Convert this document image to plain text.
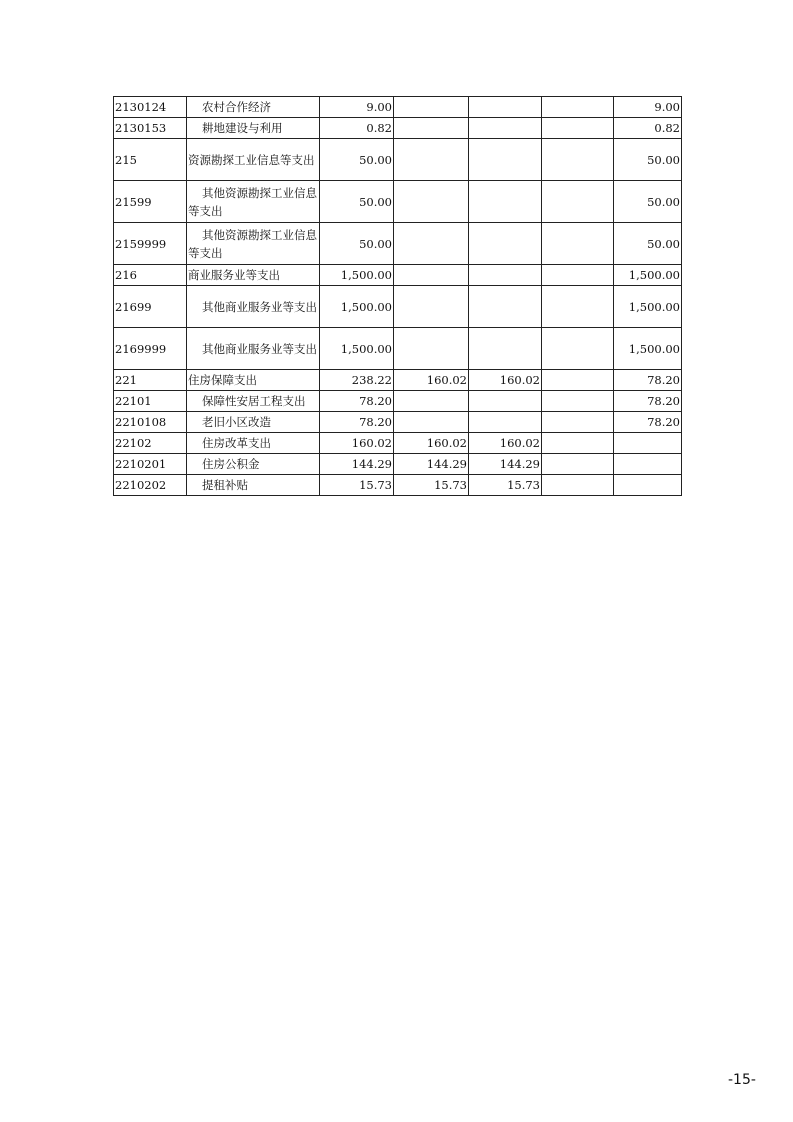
2130124	农村合作经济	9.00				9.00
2130153	耕地建设与利用	0.82				0.82
215	资源勘探工业信息等支出	50.00				50.00
21599	其他资源勘探工业信息等支出	50.00				50.00
2159999	其他资源勘探工业信息等支出	50.00				50.00
216	商业服务业等支出	1,500.00				1,500.00
21699	其他商业服务业等支出	1,500.00				1,500.00
2169999	其他商业服务业等支出	1,500.00				1,500.00
221	住房保障支出	238.22	160.02	160.02		78.20
22101	保障性安居工程支出	78.20				78.20
2210108	老旧小区改造	78.20				78.20
22102	住房改革支出	160.02	160.02	160.02		
2210201	住房公积金	144.29	144.29	144.29		
2210202	提租补贴	15.73	15.73	15.73		
-15-
